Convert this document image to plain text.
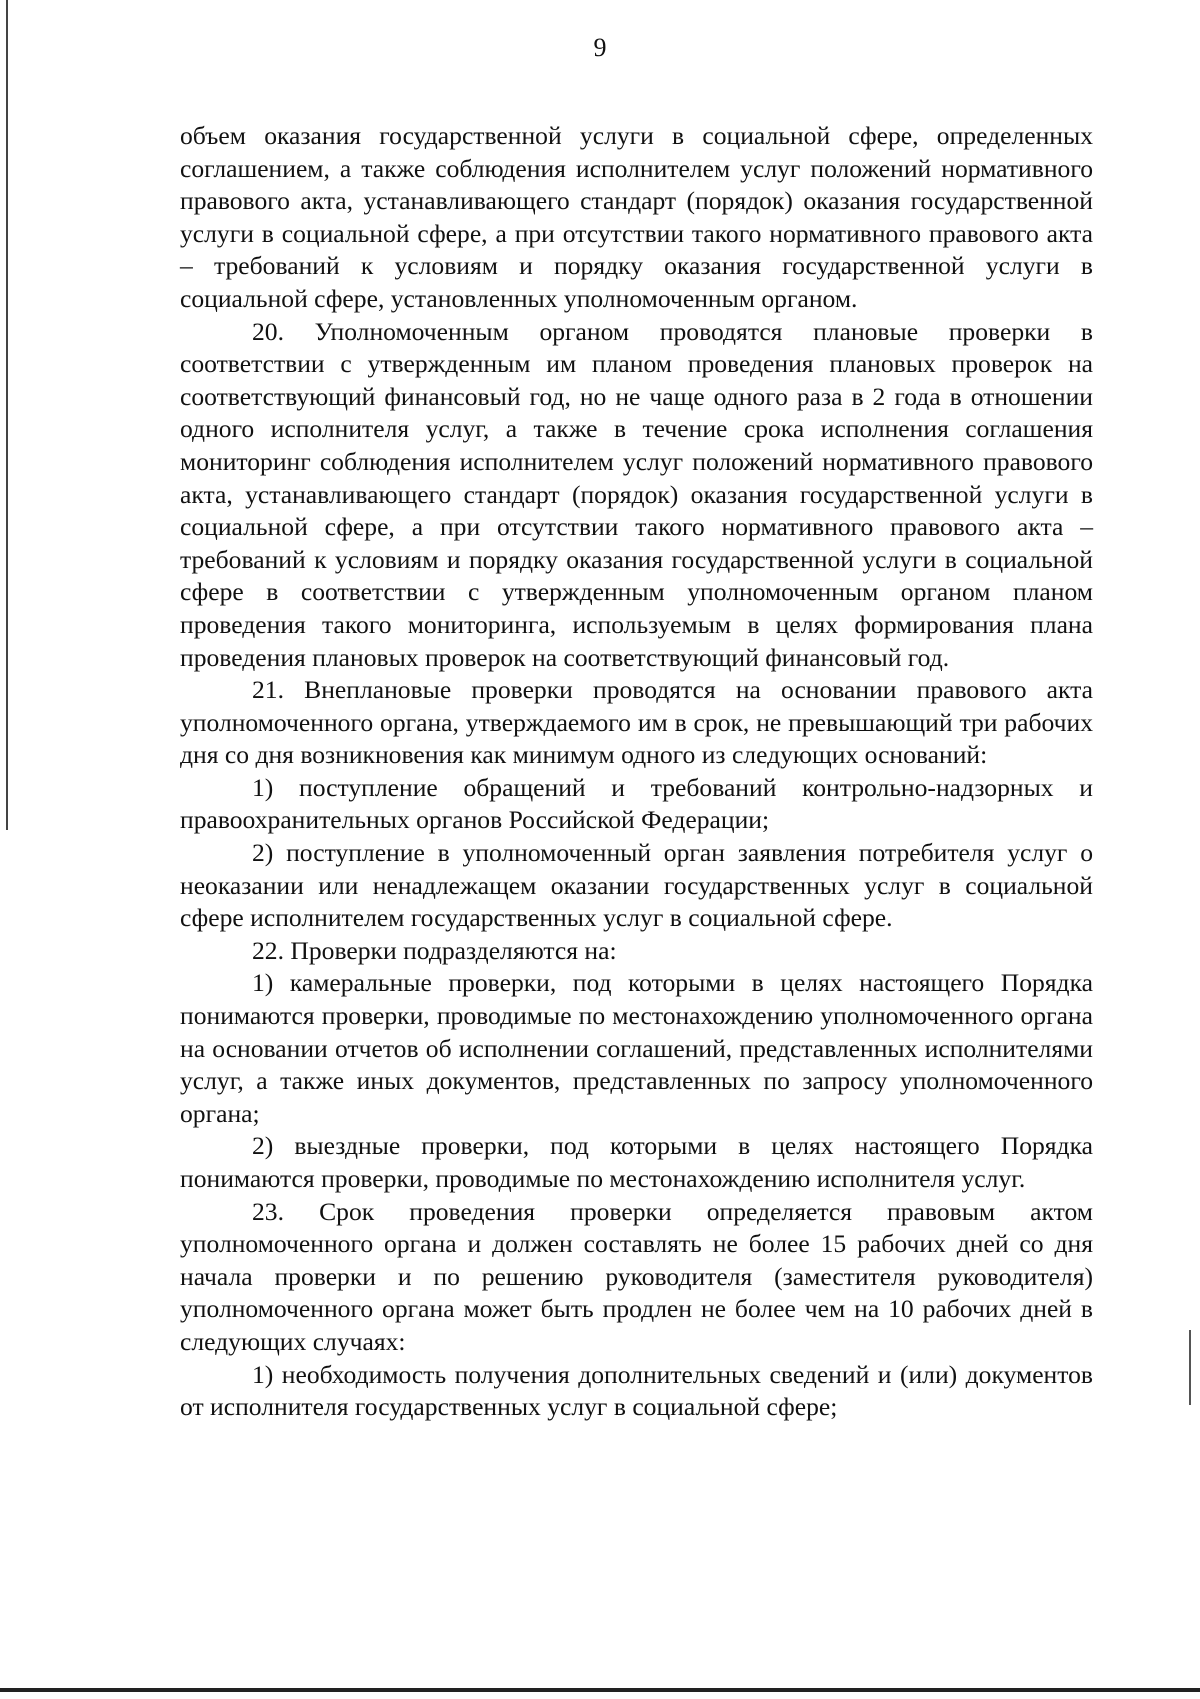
9

объем оказания государственной услуги в социальной сфере, определенных соглашением, а также соблюдения исполнителем услуг положений нормативного правового акта, устанавливающего стандарт (порядок) оказания государственной услуги в социальной сфере, а при отсутствии такого нормативного правового акта – требований к условиям и порядку оказания государственной услуги в социальной сфере, установленных уполномоченным органом.

20. Уполномоченным органом проводятся плановые проверки в соответствии с утвержденным им планом проведения плановых проверок на соответствующий финансовый год, но не чаще одного раза в 2 года в отношении одного исполнителя услуг, а также в течение срока исполнения соглашения мониторинг соблюдения исполнителем услуг положений нормативного правового акта, устанавливающего стандарт (порядок) оказания государственной услуги в социальной сфере, а при отсутствии такого нормативного правового акта – требований к условиям и порядку оказания государственной услуги в социальной сфере в соответствии с утвержденным уполномоченным органом планом проведения такого мониторинга, используемым в целях формирования плана проведения плановых проверок на соответствующий финансовый год.

21. Внеплановые проверки проводятся на основании правового акта уполномоченного органа, утверждаемого им в срок, не превышающий три рабочих дня со дня возникновения как минимум одного из следующих оснований:

1) поступление обращений и требований контрольно-надзорных и правоохранительных органов Российской Федерации;

2) поступление в уполномоченный орган заявления потребителя услуг о неоказании или ненадлежащем оказании государственных услуг в социальной сфере исполнителем государственных услуг в социальной сфере.

22. Проверки подразделяются на:

1) камеральные проверки, под которыми в целях настоящего Порядка понимаются проверки, проводимые по местонахождению уполномоченного органа на основании отчетов об исполнении соглашений, представленных исполнителями услуг, а также иных документов, представленных по запросу уполномоченного органа;

2) выездные проверки, под которыми в целях настоящего Порядка понимаются проверки, проводимые по местонахождению исполнителя услуг.

23. Срок проведения проверки определяется правовым актом уполномоченного органа и должен составлять не более 15 рабочих дней со дня начала проверки и по решению руководителя (заместителя руководителя) уполномоченного органа может быть продлен не более чем на 10 рабочих дней в следующих случаях:

1) необходимость получения дополнительных сведений и (или) документов от исполнителя государственных услуг в социальной сфере;
